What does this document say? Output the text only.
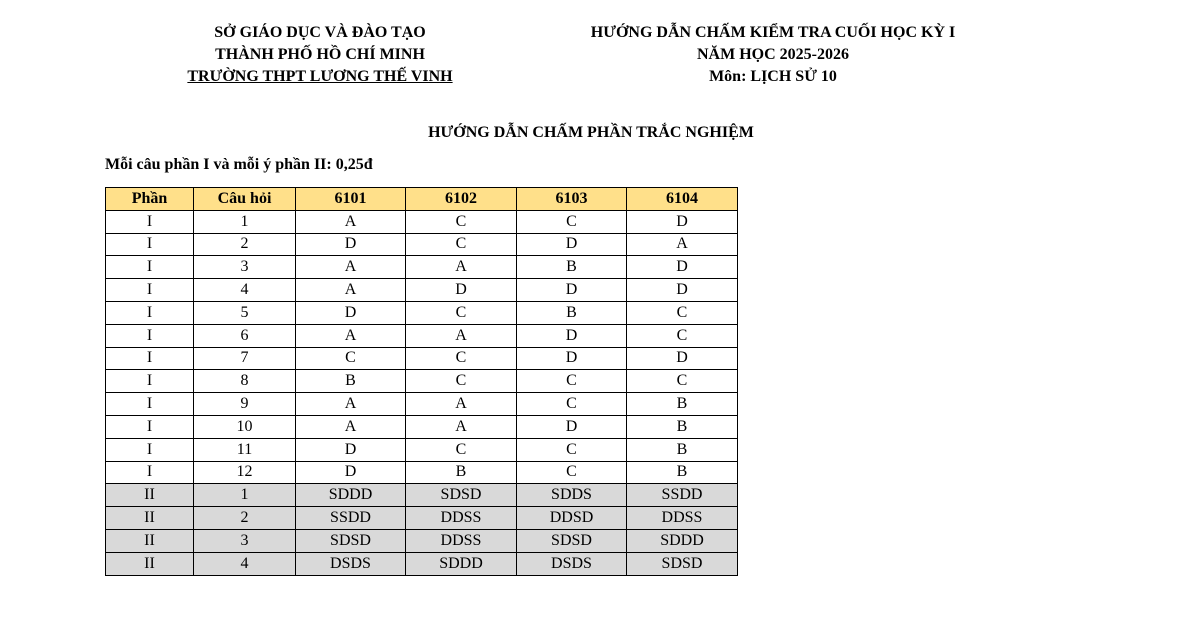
SỞ GIÁO DỤC VÀ ĐÀO TẠO
THÀNH PHỐ HỒ CHÍ MINH
TRƯỜNG THPT LƯƠNG THẾ VINH
HƯỚNG DẪN CHẤM KIỂM TRA CUỐI HỌC KỲ I
NĂM HỌC 2025-2026
Môn: LỊCH SỬ 10
HƯỚNG DẪN CHẤM PHẦN TRẮC NGHIỆM
Mỗi câu phần I và mỗi ý phần II: 0,25đ
Phần	Câu hỏi	6101	6102	6103	6104
I	1	A	C	C	D
I	2	D	C	D	A
I	3	A	A	B	D
I	4	A	D	D	D
I	5	D	C	B	C
I	6	A	A	D	C
I	7	C	C	D	D
I	8	B	C	C	C
I	9	A	A	C	B
I	10	A	A	D	B
I	11	D	C	C	B
I	12	D	B	C	B
II	1	SDDD	SDSD	SDDS	SSDD
II	2	SSDD	DDSS	DDSD	DDSS
II	3	SDSD	DDSS	SDSD	SDDD
II	4	DSDS	SDDD	DSDS	SDSD
